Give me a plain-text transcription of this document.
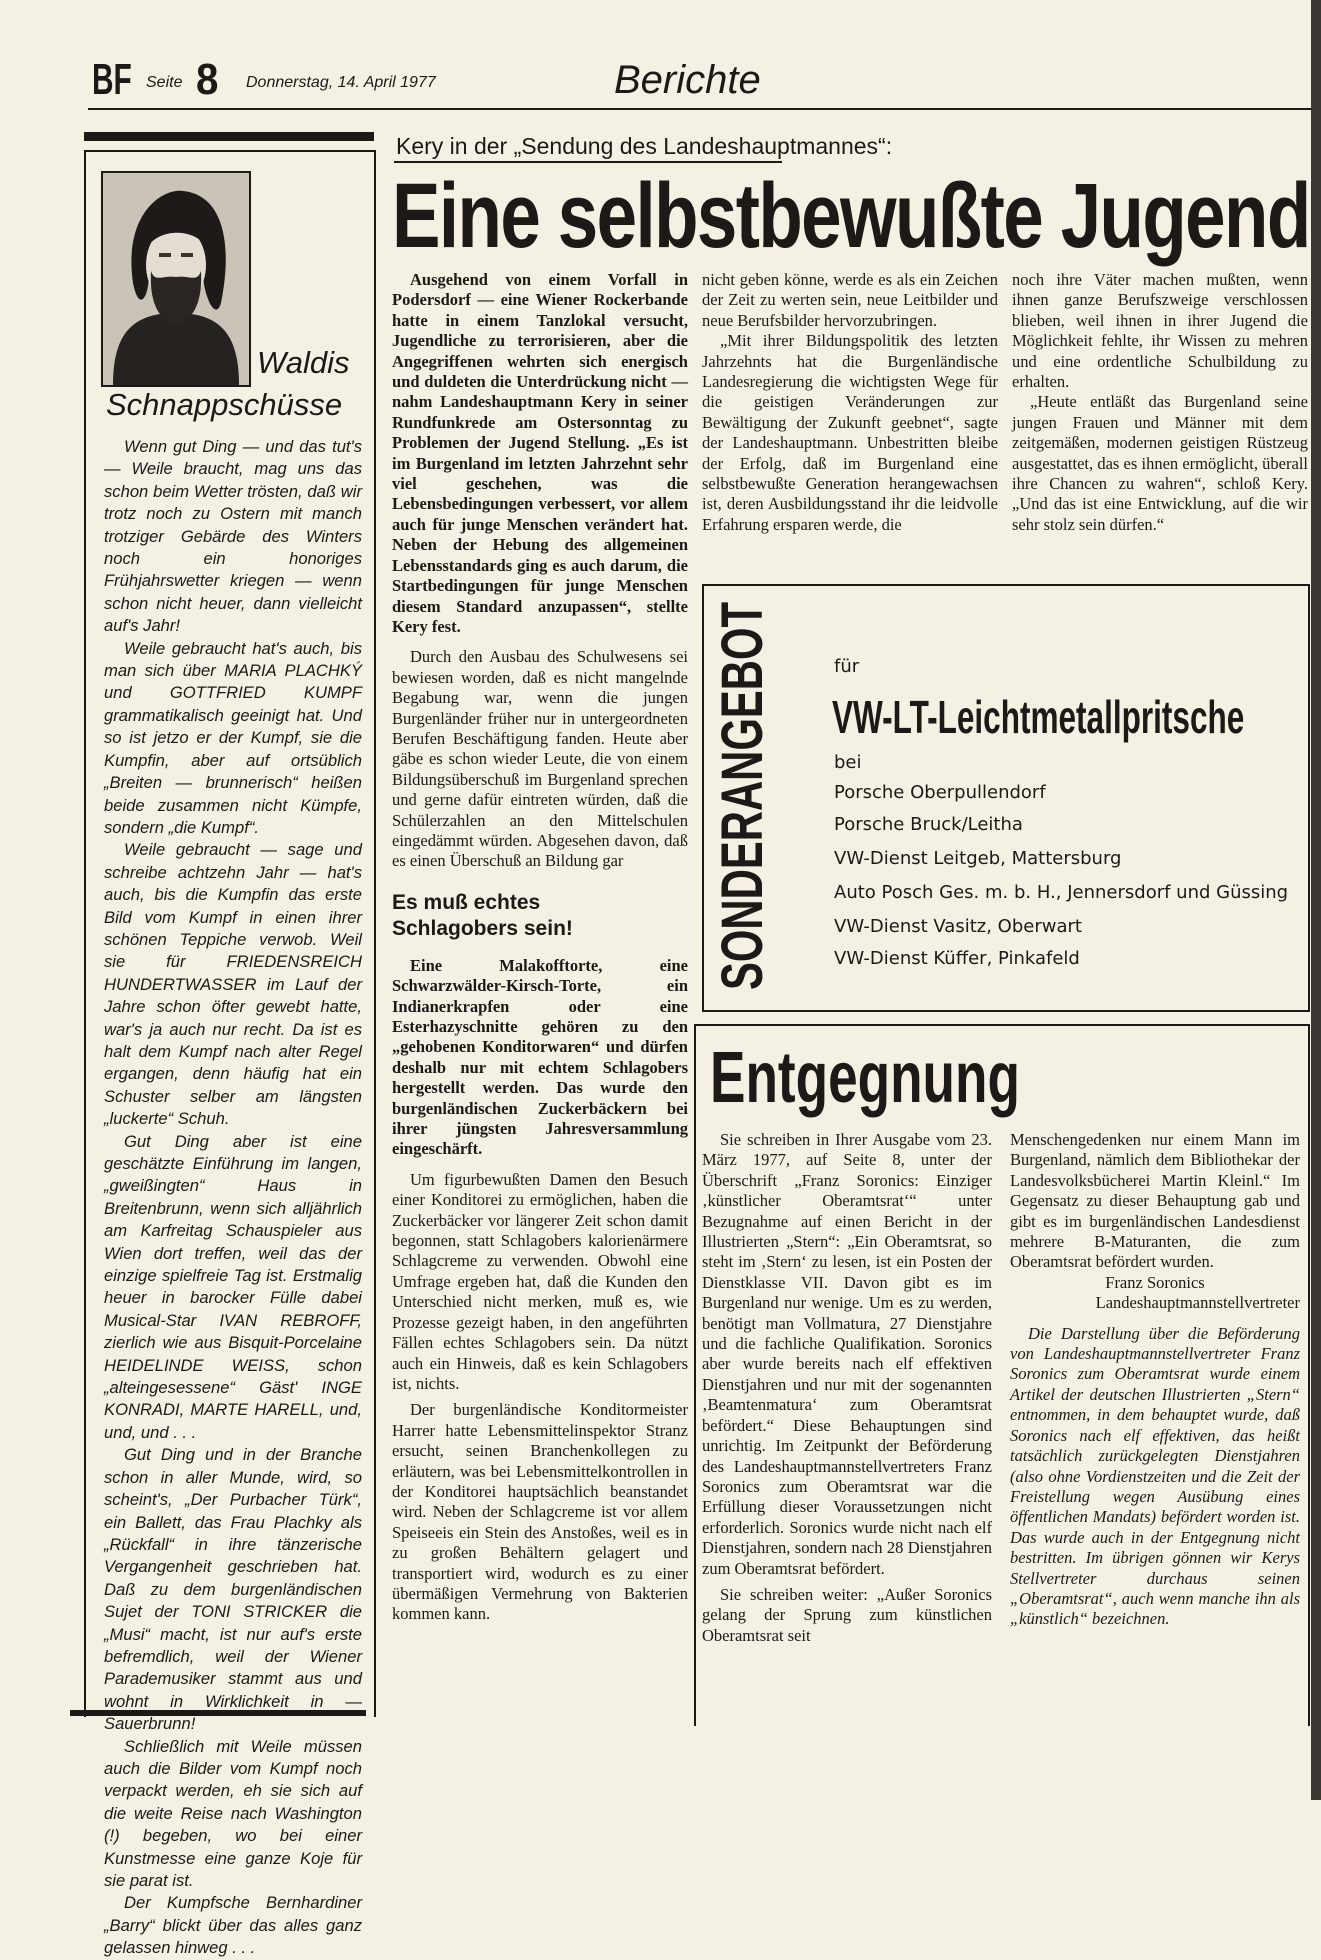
BF Seite 8 Donnerstag, 14. April 1977	Berichte
Waldis
Schnappschüsse

Wenn gut Ding — und das tut's — Weile braucht, mag uns das schon beim Wetter trösten, daß wir trotz noch zu Ostern mit manch trotziger Gebärde des Winters noch ein honoriges Frühjahrswetter kriegen — wenn schon nicht heuer, dann vielleicht auf's Jahr!

Weile gebraucht hat's auch, bis man sich über MARIA PLACHKÝ und GOTTFRIED KUMPF grammatikalisch geeinigt hat. Und so ist jetzo er der Kumpf, sie die Kumpfin, aber auf ortsüblich „Breiten — brunnerisch“ heißen beide zusammen nicht Kümpfe, sondern „die Kumpf“.

Weile gebraucht — sage und schreibe achtzehn Jahr — hat's auch, bis die Kumpfin das erste Bild vom Kumpf in einen ihrer schönen Teppiche verwob. Weil sie für FRIEDENSREICH HUNDERTWASSER im Lauf der Jahre schon öfter gewebt hatte, war's ja auch nur recht. Da ist es halt dem Kumpf nach alter Regel ergangen, denn häufig hat ein Schuster selber am längsten „luckerte“ Schuh.

Gut Ding aber ist eine geschätzte Einführung im langen, „gweißingten“ Haus in Breitenbrunn, wenn sich alljährlich am Karfreitag Schauspieler aus Wien dort treffen, weil das der einzige spielfreie Tag ist. Erstmalig heuer in barocker Fülle dabei Musical-Star IVAN REBROFF, zierlich wie aus Bisquit-Porcelaine HEIDELINDE WEISS, schon „alteingesessene“ Gäst' INGE KONRADI, MARTE HARELL, und, und, und . . .

Gut Ding und in der Branche schon in aller Munde, wird, so scheint's, „Der Purbacher Türk“, ein Ballett, das Frau Plachky als „Rückfall“ in ihre tänzerische Vergangenheit geschrieben hat. Daß zu dem burgenländischen Sujet der TONI STRICKER die „Musi“ macht, ist nur auf's erste befremdlich, weil der Wiener Parademusiker stammt aus und wohnt in Wirklichkeit in — Sauerbrunn!

Schließlich mit Weile müssen auch die Bilder vom Kumpf noch verpackt werden, eh sie sich auf die weite Reise nach Washington (!) begeben, wo bei einer Kunstmesse eine ganze Koje für sie parat ist.

Der Kumpfsche Bernhardiner „Barry“ blickt über das alles ganz gelassen hinweg . . .

Kery in der „Sendung des Landeshauptmannes“:
Eine selbstbewußte Jugend

Ausgehend von einem Vorfall in Podersdorf — eine Wiener Rockerbande hatte in einem Tanzlokal versucht, Jugendliche zu terrorisieren, aber die Angegriffenen wehrten sich energisch und duldeten die Unterdrückung nicht — nahm Landeshauptmann Kery in seiner Rundfunkrede am Ostersonntag zu Problemen der Jugend Stellung. „Es ist im Burgenland im letzten Jahrzehnt sehr viel geschehen, was die Lebensbedingungen verbessert, vor allem auch für junge Menschen verändert hat. Neben der Hebung des allgemeinen Lebensstandards ging es auch darum, die Startbedingungen für junge Menschen diesem Standard anzupassen“, stellte Kery fest.

Durch den Ausbau des Schulwesens sei bewiesen worden, daß es nicht mangelnde Begabung war, wenn die jungen Burgenländer früher nur in untergeordneten Berufen Beschäftigung fanden. Heute aber gäbe es schon wieder Leute, die von einem Bildungsüberschuß im Burgenland sprechen und gerne dafür eintreten würden, daß die Schülerzahlen an den Mittelschulen eingedämmt würden. Abgesehen davon, daß es einen Überschuß an Bildung gar

Es muß echtes Schlagobers sein!

Eine Malakofftorte, eine Schwarzwälder-Kirsch-Torte, ein Indianerkrapfen oder eine Esterhazyschnitte gehören zu den „gehobenen Konditorwaren“ und dürfen deshalb nur mit echtem Schlagobers hergestellt werden. Das wurde den burgenländischen Zuckerbäckern bei ihrer jüngsten Jahresversammlung eingeschärft.

Um figurbewußten Damen den Besuch einer Konditorei zu ermöglichen, haben die Zuckerbäcker vor längerer Zeit schon damit begonnen, statt Schlagobers kalorienärmere Schlagcreme zu verwenden. Obwohl eine Umfrage ergeben hat, daß die Kunden den Unterschied nicht merken, muß es, wie Prozesse gezeigt haben, in den angeführten Fällen echtes Schlagobers sein. Da nützt auch ein Hinweis, daß es kein Schlagobers ist, nichts.

Der burgenländische Konditormeister Harrer hatte Lebensmittelinspektor Stranz ersucht, seinen Branchenkollegen zu erläutern, was bei Lebensmittelkontrollen in der Konditorei hauptsächlich beanstandet wird. Neben der Schlagcreme ist vor allem Speiseeis ein Stein des Anstoßes, weil es in zu großen Behältern gelagert und transportiert wird, wodurch es zu einer übermäßigen Vermehrung von Bakterien kommen kann.

nicht geben könne, werde es als ein Zeichen der Zeit zu werten sein, neue Leitbilder und neue Berufsbilder hervorzubringen.

„Mit ihrer Bildungspolitik des letzten Jahrzehnts hat die Burgenländische Landesregierung die wichtigsten Wege für die geistigen Veränderungen zur Bewältigung der Zukunft geebnet“, sagte der Landeshauptmann. Unbestritten bleibe der Erfolg, daß im Burgenland eine selbstbewußte Generation herangewachsen ist, deren Ausbildungsstand ihr die leidvolle Erfahrung ersparen werde, die

noch ihre Väter machen mußten, wenn ihnen ganze Berufszweige verschlossen blieben, weil ihnen in ihrer Jugend die Möglichkeit fehlte, ihr Wissen zu mehren und eine ordentliche Schulbildung zu erhalten.

„Heute entläßt das Burgenland seine jungen Frauen und Männer mit dem zeitgemäßen, modernen geistigen Rüstzeug ausgestattet, das es ihnen ermöglicht, überall ihre Chancen zu wahren“, schloß Kery. „Und das ist eine Entwicklung, auf die wir sehr stolz sein dürfen.“

SONDERANGEBOT	für
VW-LT-Leichtmetallpritsche
bei
Porsche Oberpullendorf
Porsche Bruck/Leitha
VW-Dienst Leitgeb, Mattersburg
Auto Posch Ges. m. b. H., Jennersdorf und Güssing
VW-Dienst Vasitz, Oberwart
VW-Dienst Küffer, Pinkafeld
Entgegnung

Sie schreiben in Ihrer Ausgabe vom 23. März 1977, auf Seite 8, unter der Überschrift „Franz Soronics: Einziger ‚künstlicher Oberamtsrat‘“ unter Bezugnahme auf einen Bericht in der Illustrierten „Stern“: „Ein Oberamtsrat, so steht im ‚Stern‘ zu lesen, ist ein Posten der Dienstklasse VII. Davon gibt es im Burgenland nur wenige. Um es zu werden, benötigt man Vollmatura, 27 Dienstjahre und die fachliche Qualifikation. Soronics aber wurde bereits nach elf effektiven Dienstjahren und nur mit der sogenannten ‚Beamtenmatura‘ zum Oberamtsrat befördert.“ Diese Behauptungen sind unrichtig. Im Zeitpunkt der Beförderung des Landeshauptmannstellvertreters Franz Soronics zum Oberamtsrat war die Erfüllung dieser Voraussetzungen nicht erforderlich. Soronics wurde nicht nach elf Dienstjahren, sondern nach 28 Dienstjahren zum Oberamtsrat befördert.

Sie schreiben weiter: „Außer Soronics gelang der Sprung zum künstlichen Oberamtsrat seit

Menschengedenken nur einem Mann im Burgenland, nämlich dem Bibliothekar der Landesvolksbücherei Martin Kleinl.“ Im Gegensatz zu dieser Behauptung gab und gibt es im burgenländischen Landesdienst mehrere B-Maturanten, die zum Oberamtsrat befördert wurden.

Franz Soronics
Landeshauptmannstellvertreter

Die Darstellung über die Beförderung von Landeshauptmannstellvertreter Franz Soronics zum Oberamtsrat wurde einem Artikel der deutschen Illustrierten „Stern“ entnommen, in dem behauptet wurde, daß Soronics nach elf effektiven, das heißt tatsächlich zurückgelegten Dienstjahren (also ohne Vordienstzeiten und die Zeit der Freistellung wegen Ausübung eines öffentlichen Mandats) befördert worden ist. Das wurde auch in der Entgegnung nicht bestritten. Im übrigen gönnen wir Kerys Stellvertreter durchaus seinen „Oberamtsrat“, auch wenn manche ihn als „künstlich“ bezeichnen.
